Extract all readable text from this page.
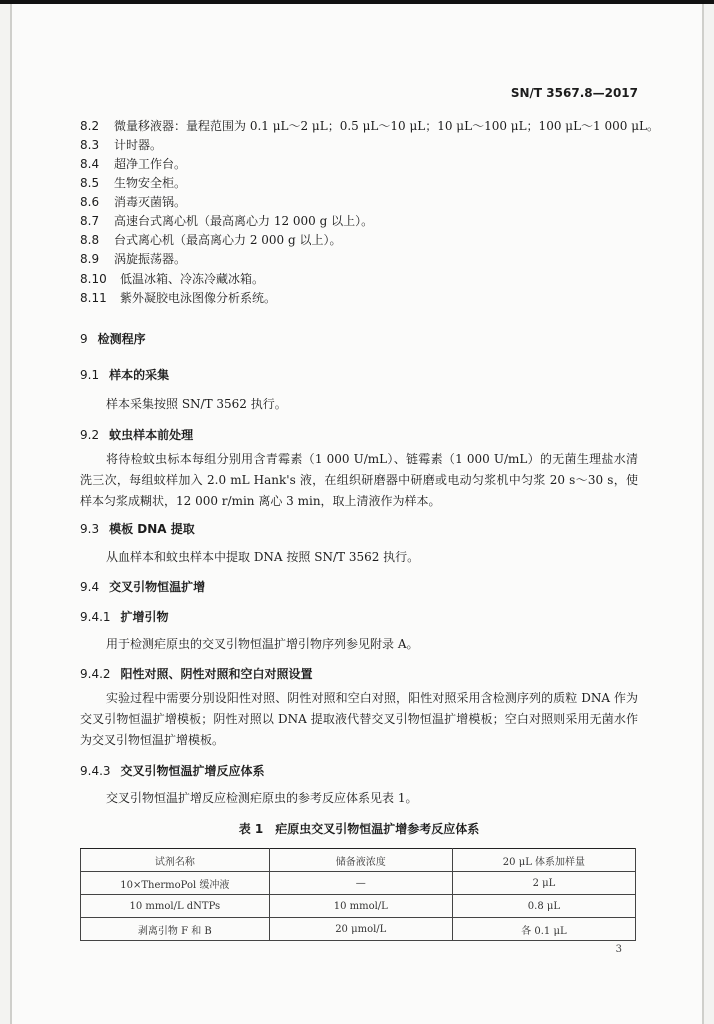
SN/T 3567.8—2017
8.2 微量移液器：量程范围为 0.1 μL～2 μL；0.5 μL～10 μL；10 μL～100 μL；100 μL～1 000 μL。
8.3 计时器。
8.4 超净工作台。
8.5 生物安全柜。
8.6 消毒灭菌锅。
8.7 高速台式离心机（最高离心力 12 000 g 以上）。
8.8 台式离心机（最高离心力 2 000 g 以上）。
8.9 涡旋振荡器。
8.10 低温冰箱、冷冻冷藏冰箱。
8.11 紫外凝胶电泳图像分析系统。
9 检测程序
9.1 样本的采集
样本采集按照 SN/T 3562 执行。
9.2 蚊虫样本前处理
将待检蚊虫标本每组分别用含青霉素（1 000 U/mL）、链霉素（1 000 U/mL）的无菌生理盐水清洗三次，每组蚊样加入 2.0 mL Hank's 液，在组织研磨器中研磨或电动匀浆机中匀浆 20 s～30 s，使样本匀浆成糊状，12 000 r/min 离心 3 min，取上清液作为样本。
9.3 模板 DNA 提取
从血样本和蚊虫样本中提取 DNA 按照 SN/T 3562 执行。
9.4 交叉引物恒温扩增
9.4.1 扩增引物
用于检测疟原虫的交叉引物恒温扩增引物序列参见附录 A。
9.4.2 阳性对照、阴性对照和空白对照设置
实验过程中需要分别设阳性对照、阴性对照和空白对照，阳性对照采用含检测序列的质粒 DNA 作为交叉引物恒温扩增模板；阴性对照以 DNA 提取液代替交叉引物恒温扩增模板；空白对照则采用无菌水作为交叉引物恒温扩增模板。
9.4.3 交叉引物恒温扩增反应体系
交叉引物恒温扩增反应检测疟原虫的参考反应体系见表 1。
表 1　疟原虫交叉引物恒温扩增参考反应体系
试剂名称	储备液浓度	20 μL 体系加样量
10×ThermoPol 缓冲液	—	2 μL
10 mmol/L dNTPs	10 mmol/L	0.8 μL
剥离引物 F 和 B	20 μmol/L	各 0.1 μL
3
